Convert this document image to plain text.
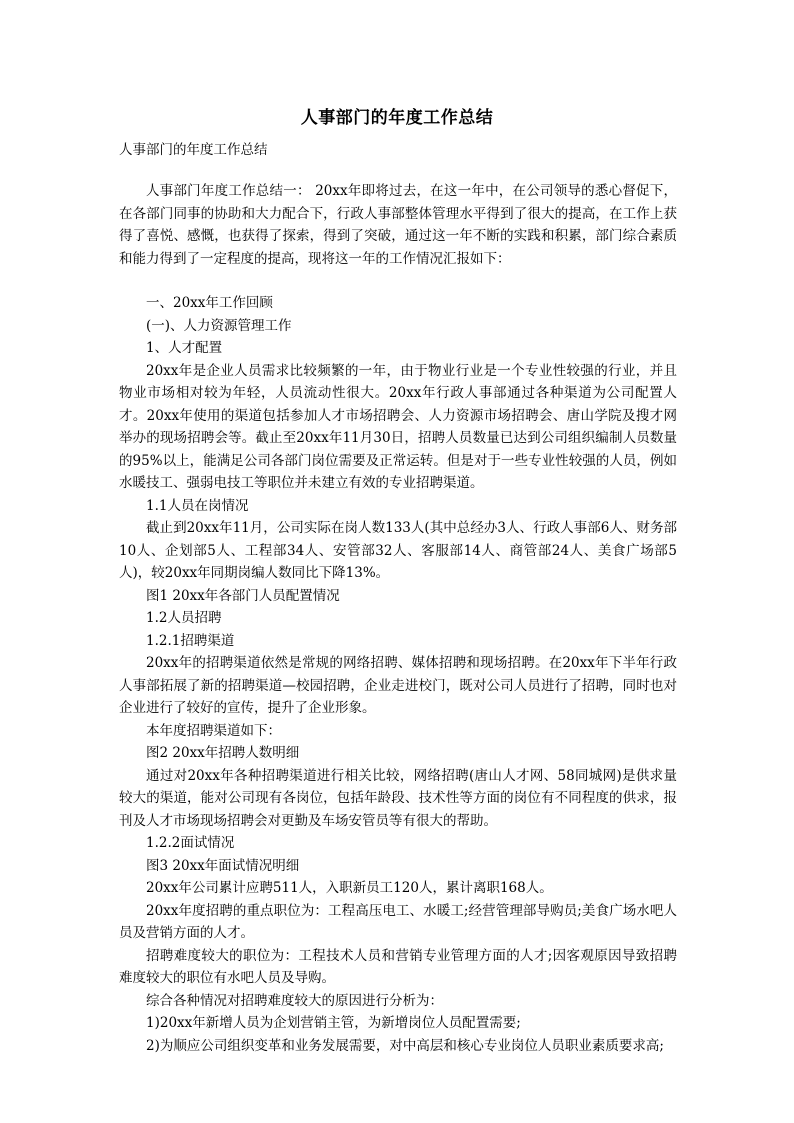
人事部门的年度工作总结
人事部门的年度工作总结

人事部门年度工作总结一： 20xx年即将过去，在这一年中，在公司领导的悉心督促下，在各部门同事的协助和大力配合下，行政人事部整体管理水平得到了很大的提高，在工作上获得了喜悦、感慨，也获得了探索，得到了突破，通过这一年不断的实践和积累，部门综合素质和能力得到了一定程度的提高，现将这一年的工作情况汇报如下：

一、20xx年工作回顾

(一)、人力资源管理工作

1、人才配置

20xx年是企业人员需求比较频繁的一年，由于物业行业是一个专业性较强的行业，并且物业市场相对较为年轻，人员流动性很大。20xx年行政人事部通过各种渠道为公司配置人才。20xx年使用的渠道包括参加人才市场招聘会、人力资源市场招聘会、唐山学院及搜才网举办的现场招聘会等。截止至20xx年11月30日，招聘人员数量已达到公司组织编制人员数量的95%以上，能满足公司各部门岗位需要及正常运转。但是对于一些专业性较强的人员，例如水暖技工、强弱电技工等职位并未建立有效的专业招聘渠道。

1.1人员在岗情况

截止到20xx年11月，公司实际在岗人数133人(其中总经办3人、行政人事部6人、财务部10人、企划部5人、工程部34人、安管部32人、客服部14人、商管部24人、美食广场部5人)，较20xx年同期岗编人数同比下降13%。

图1 20xx年各部门人员配置情况

1.2人员招聘

1.2.1招聘渠道

20xx年的招聘渠道依然是常规的网络招聘、媒体招聘和现场招聘。在20xx年下半年行政人事部拓展了新的招聘渠道—校园招聘，企业走进校门，既对公司人员进行了招聘，同时也对企业进行了较好的宣传，提升了企业形象。

本年度招聘渠道如下：

图2 20xx年招聘人数明细

通过对20xx年各种招聘渠道进行相关比较，网络招聘(唐山人才网、58同城网)是供求量较大的渠道，能对公司现有各岗位，包括年龄段、技术性等方面的岗位有不同程度的供求，报刊及人才市场现场招聘会对更勤及车场安管员等有很大的帮助。

1.2.2面试情况

图3 20xx年面试情况明细

20xx年公司累计应聘511人，入职新员工120人，累计离职168人。

20xx年度招聘的重点职位为：工程高压电工、水暖工;经营管理部导购员;美食广场水吧人员及营销方面的人才。

招聘难度较大的职位为：工程技术人员和营销专业管理方面的人才;因客观原因导致招聘难度较大的职位有水吧人员及导购。

综合各种情况对招聘难度较大的原因进行分析为：

1)20xx年新增人员为企划营销主管，为新增岗位人员配置需要;

2)为顺应公司组织变革和业务发展需要，对中高层和核心专业岗位人员职业素质要求高;
